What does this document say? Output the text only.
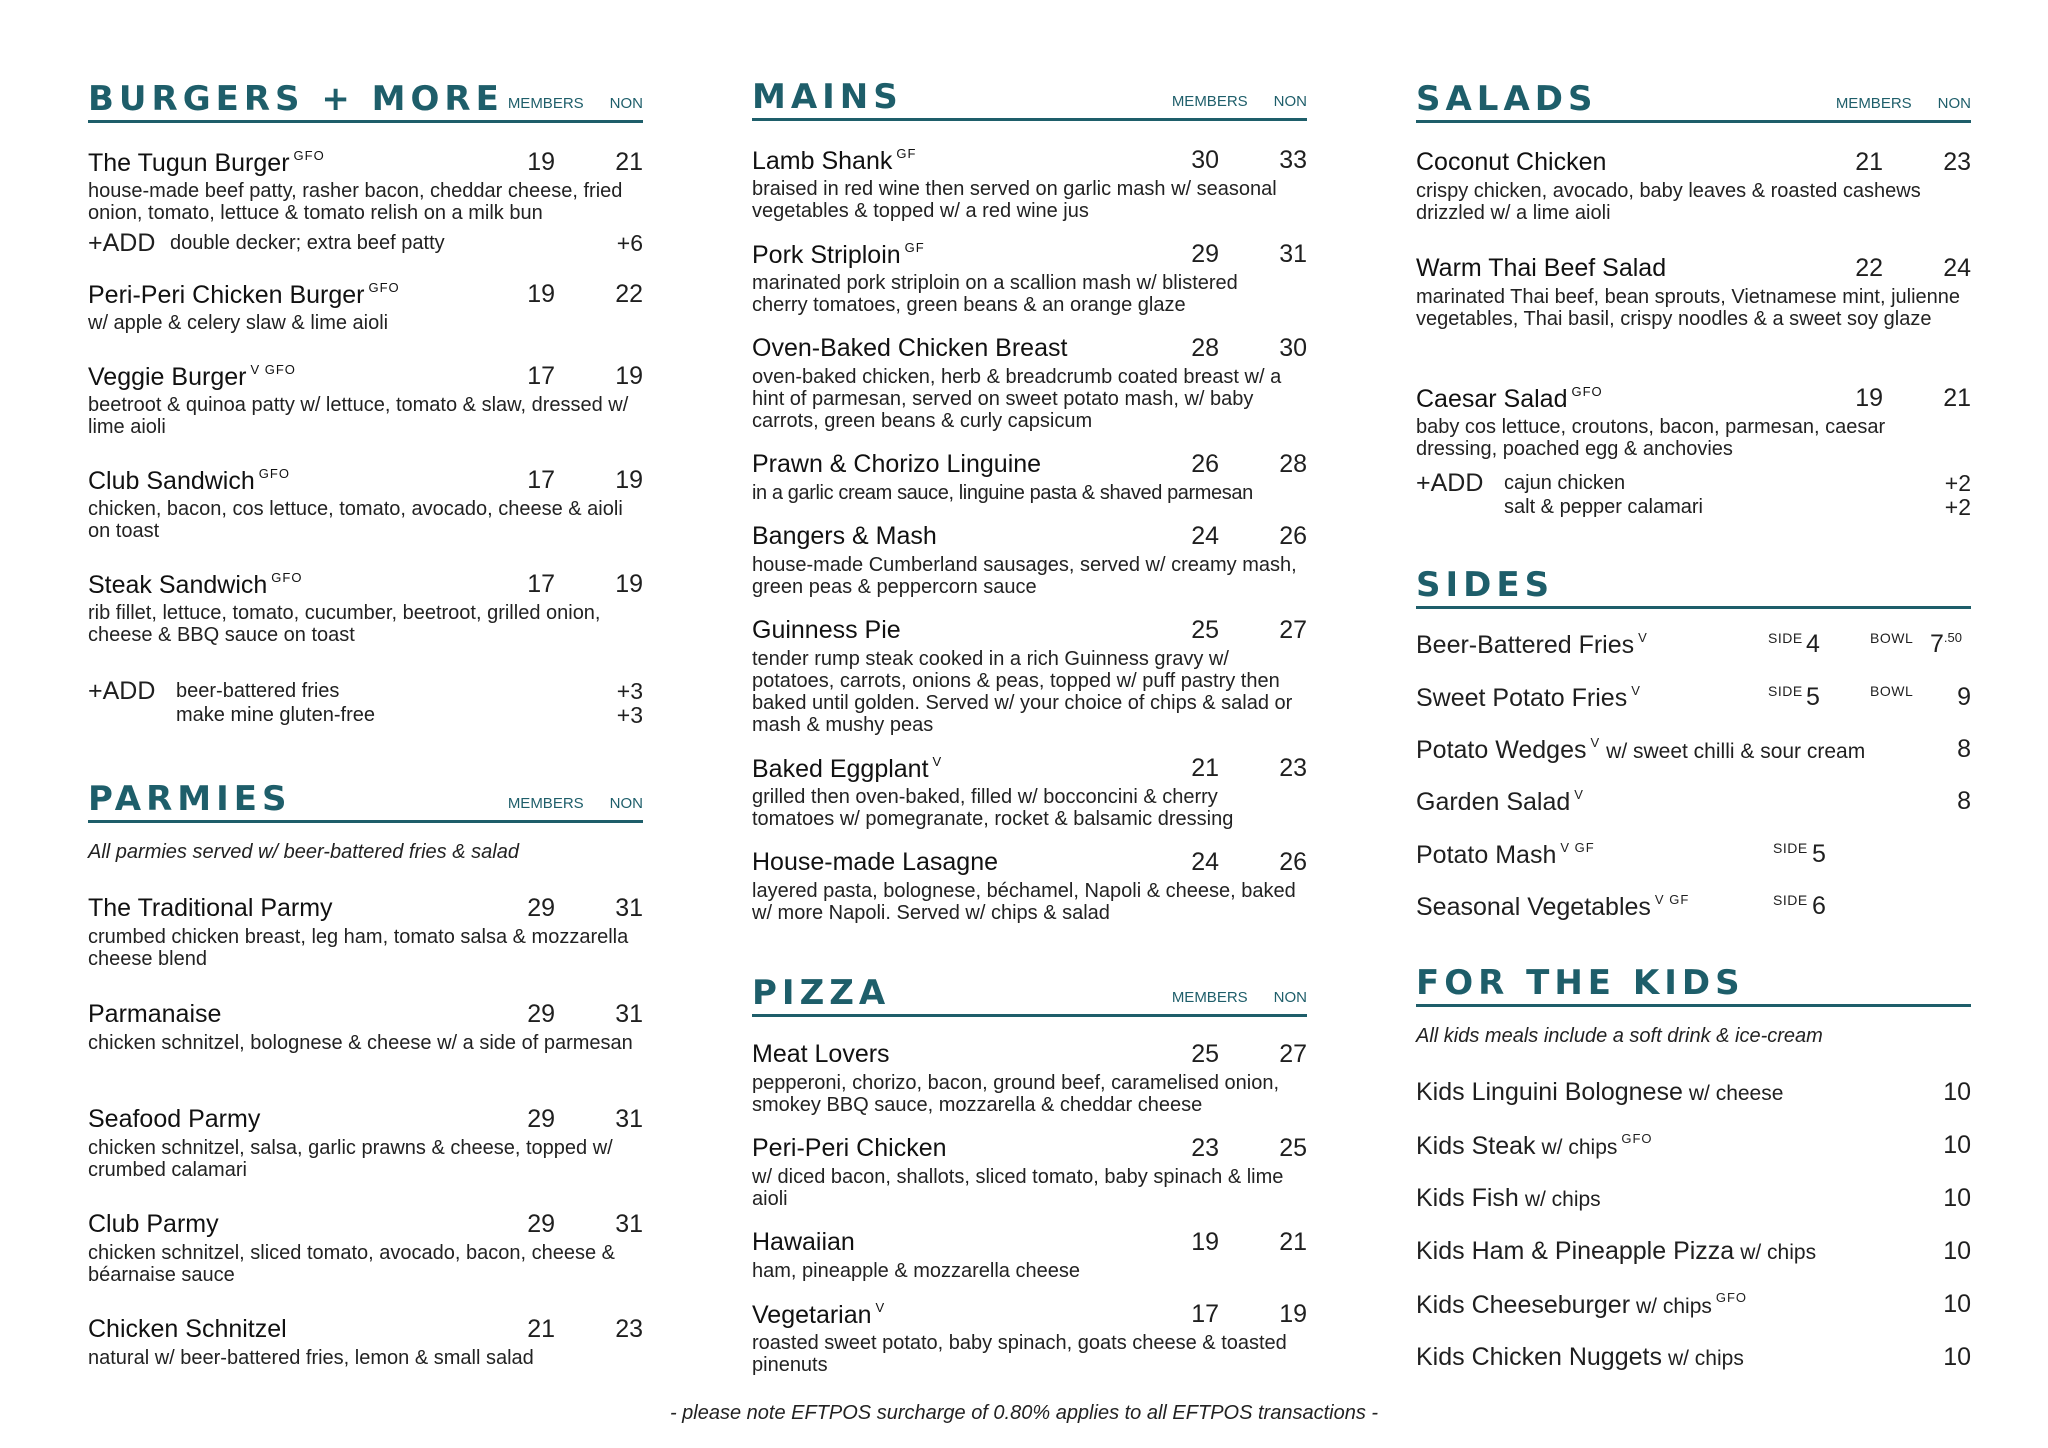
BURGERS + MORE MEMBERS NON
The Tugun Burger $^{GFO}$	19 21
house-made beef patty, rasher bacon, cheddar cheese, fried onion, tomato, lettuce & tomato relish on a milk bun
+ADD double decker; extra beef patty	+6
Peri-Peri Chicken Burger $^{GFO}$	19 22
w/ apple & celery slaw & lime aioli
Veggie Burger $^{V GFO}$	17 19
beetroot & quinoa patty w/ lettuce, tomato & slaw, dressed w/ lime aioli
Club Sandwich $^{GFO}$	17 19
chicken, bacon, cos lettuce, tomato, avocado, cheese & aioli on toast
Steak Sandwich $^{GFO}$	17 19
rib fillet, lettuce, tomato, cucumber, beetroot, grilled onion, cheese & BBQ sauce on toast
+ADD beer-battered fries	+3
make mine gluten-free	+3
PARMIES	MEMBERS NON
All parmies served w/ beer-battered fries & salad
The Traditional Parmy	29 31
crumbed chicken breast, leg ham, tomato salsa & mozzarella cheese blend
Parmanaise	29 31
chicken schnitzel, bolognese & cheese w/ a side of parmesan
Seafood Parmy	29 31
chicken schnitzel, salsa, garlic prawns & cheese, topped w/ crumbed calamari
Club Parmy	29 31
chicken schnitzel, sliced tomato, avocado, bacon, cheese & béarnaise sauce
Chicken Schnitzel	21 23
natural w/ beer-battered fries, lemon & small salad
MAINS	MEMBERS NON
Lamb Shank $^{GF}$	30 33
braised in red wine then served on garlic mash w/ seasonal vegetables & topped w/ a red wine jus
Pork Striploin $^{GF}$	29 31
marinated pork striploin on a scallion mash w/ blistered cherry tomatoes, green beans & an orange glaze
Oven-Baked Chicken Breast	28 30
oven-baked chicken, herb & breadcrumb coated breast w/ a hint of parmesan, served on sweet potato mash, w/ baby carrots, green beans & curly capsicum
Prawn & Chorizo Linguine	26 28
in a garlic cream sauce, linguine pasta & shaved parmesan
Bangers & Mash	24 26
house-made Cumberland sausages, served w/ creamy mash, green peas & peppercorn sauce
Guinness Pie	25 27
tender rump steak cooked in a rich Guinness gravy w/ potatoes, carrots, onions & peas, topped w/ puff pastry then baked until golden. Served w/ your choice of chips & salad or mash & mushy peas
Baked Eggplant $^V$	21 23
grilled then oven-baked, filled w/ bocconcini & cherry tomatoes w/ pomegranate, rocket & balsamic dressing
House-made Lasagne	24 26
layered pasta, bolognese, béchamel, Napoli & cheese, baked w/ more Napoli. Served w/ chips & salad
PIZZA	MEMBERS NON
Meat Lovers	25 27
pepperoni, chorizo, bacon, ground beef, caramelised onion, smokey BBQ sauce, mozzarella & cheddar cheese
Peri-Peri Chicken	23 25
w/ diced bacon, shallots, sliced tomato, baby spinach & lime aioli
Hawaiian	19 21
ham, pineapple & mozzarella cheese
Vegetarian $^V$	17 19
roasted sweet potato, baby spinach, goats cheese & toasted pinenuts
SALADS	MEMBERS NON
Coconut Chicken	21 23
crispy chicken, avocado, baby leaves & roasted cashews drizzled w/ a lime aioli
Warm Thai Beef Salad	22 24
marinated Thai beef, bean sprouts, Vietnamese mint, julienne vegetables, Thai basil, crispy noodles & a sweet soy glaze
Caesar Salad $^{GFO}$	19 21
baby cos lettuce, croutons, bacon, parmesan, caesar dressing, poached egg & anchovies
+ADD cajun chicken	+2
salt & pepper calamari	+2
SIDES
Beer-Battered Fries $^V$	SIDE 4	BOWL $7^{.50}$
Sweet Potato Fries $^V$	SIDE 5	BOWL 9
Potato Wedges $^V$ w/ sweet chilli & sour cream	8
Garden Salad $^V$	8
Potato Mash $^{V GF}$	SIDE 5
Seasonal Vegetables $^{V GF}$	SIDE 6
FOR THE KIDS
All kids meals include a soft drink & ice-cream
Kids Linguini Bolognese w/ cheese	10
Kids Steak w/ chips $^{GFO}$	10
Kids Fish w/ chips	10
Kids Ham & Pineapple Pizza w/ chips	10
Kids Cheeseburger w/ chips $^{GFO}$	10
Kids Chicken Nuggets w/ chips	10
- please note EFTPOS surcharge of 0.80% applies to all EFTPOS transactions -
